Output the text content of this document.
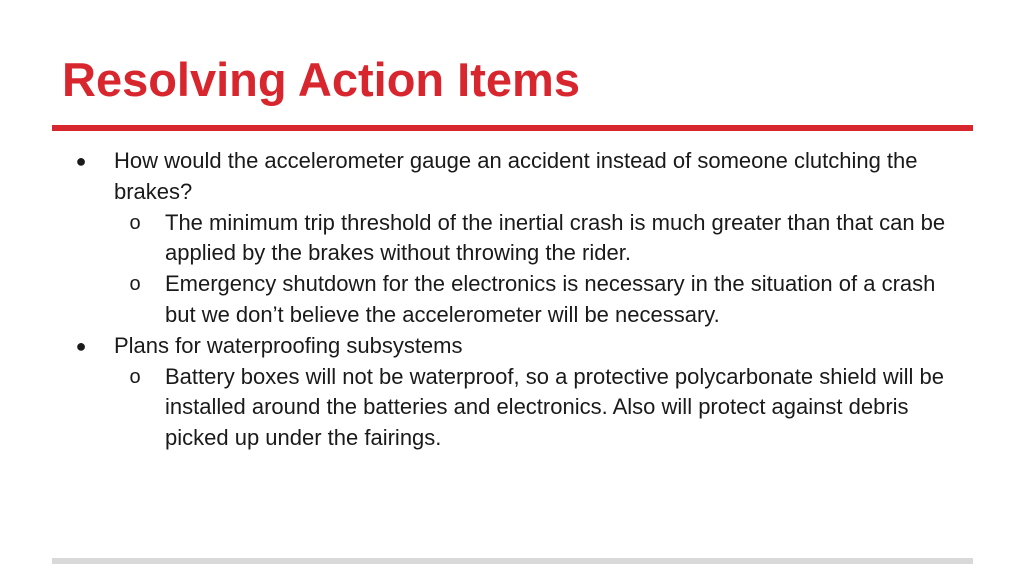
Resolving Action Items
● How would the accelerometer gauge an accident instead of someone clutching the brakes?
o The minimum trip threshold of the inertial crash is much greater than that can be applied by the brakes without throwing the rider.
o Emergency shutdown for the electronics is necessary in the situation of a crash but we don’t believe the accelerometer will be necessary.
● Plans for waterproofing subsystems
o Battery boxes will not be waterproof, so a protective polycarbonate shield will be installed around the batteries and electronics. Also will protect against debris picked up under the fairings.
